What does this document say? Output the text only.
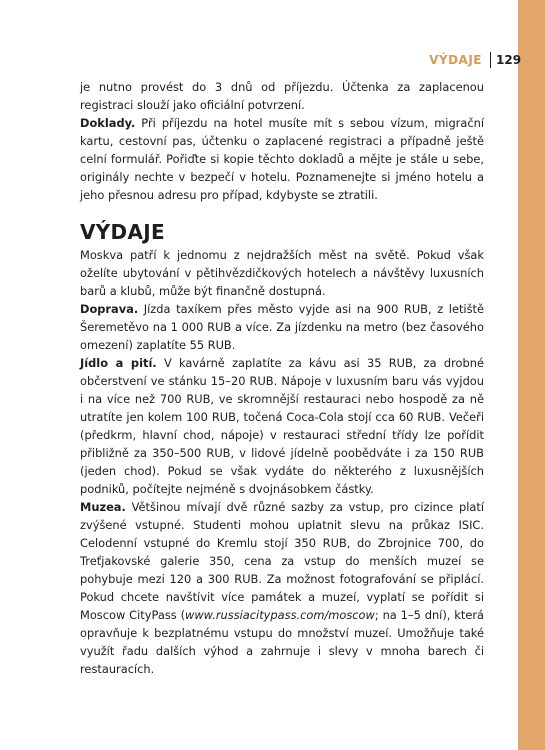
VÝDAJE 129

je nutno provést do 3 dnů od příjezdu. Účtenka za zaplacenou registraci slouží jako oficiální potvrzení.

Doklady. Při příjezdu na hotel musíte mít s sebou vízum, migrační kartu, cestovní pas, účtenku o zaplacené registraci a případně ještě celní formulář. Pořiďte si kopie těchto dokladů a mějte je stále u sebe, originály nechte v bezpečí v hotelu. Poznamenejte si jméno hotelu a jeho přesnou adresu pro případ, kdybyste se ztratili.

VÝDAJE

Moskva patří k jednomu z nejdražších měst na světě. Pokud však oželíte ubytování v pětihvězdičkových hotelech a návštěvy luxusních barů a klubů, může být finančně dostupná.

Doprava. Jízda taxíkem přes město vyjde asi na 900 RUB, z letiště Šeremetěvo na 1 000 RUB a více. Za jízdenku na metro (bez časového omezení) zaplatíte 55 RUB.

Jídlo a pití. V kavárně zaplatíte za kávu asi 35 RUB, za drobné občerstvení ve stánku 15–20 RUB. Nápoje v luxusním baru vás vyjdou i na více než 700 RUB, ve skromnější restauraci nebo hospodě za ně utratíte jen kolem 100 RUB, točená Coca-Cola stojí cca 60 RUB. Večeři (předkrm, hlavní chod, nápoje) v restauraci střední třídy lze pořídit přibližně za 350–500 RUB, v lidové jídelně poobědváte i za 150 RUB (jeden chod). Pokud se však vydáte do některého z luxusnějších podniků, počítejte nejméně s dvojnásobkem částky.

Muzea. Většinou mívají dvě různé sazby za vstup, pro cizince platí zvýšené vstupné. Studenti mohou uplatnit slevu na průkaz ISIC. Celodenní vstupné do Kremlu stojí 350 RUB, do Zbrojnice 700, do Treťjakovské galerie 350, cena za vstup do menších muzeí se pohybuje mezi 120 a 300 RUB. Za možnost fotografování se připlácí. Pokud chcete navštívit více památek a muzeí, vyplatí se pořídit si Moscow CityPass (www.russiacitypass.com/moscow; na 1–5 dní), která opravňuje k bezplatnému vstupu do množství muzeí. Umožňuje také využít řadu dalších výhod a zahrnuje i slevy v mnoha barech či restauracích.
